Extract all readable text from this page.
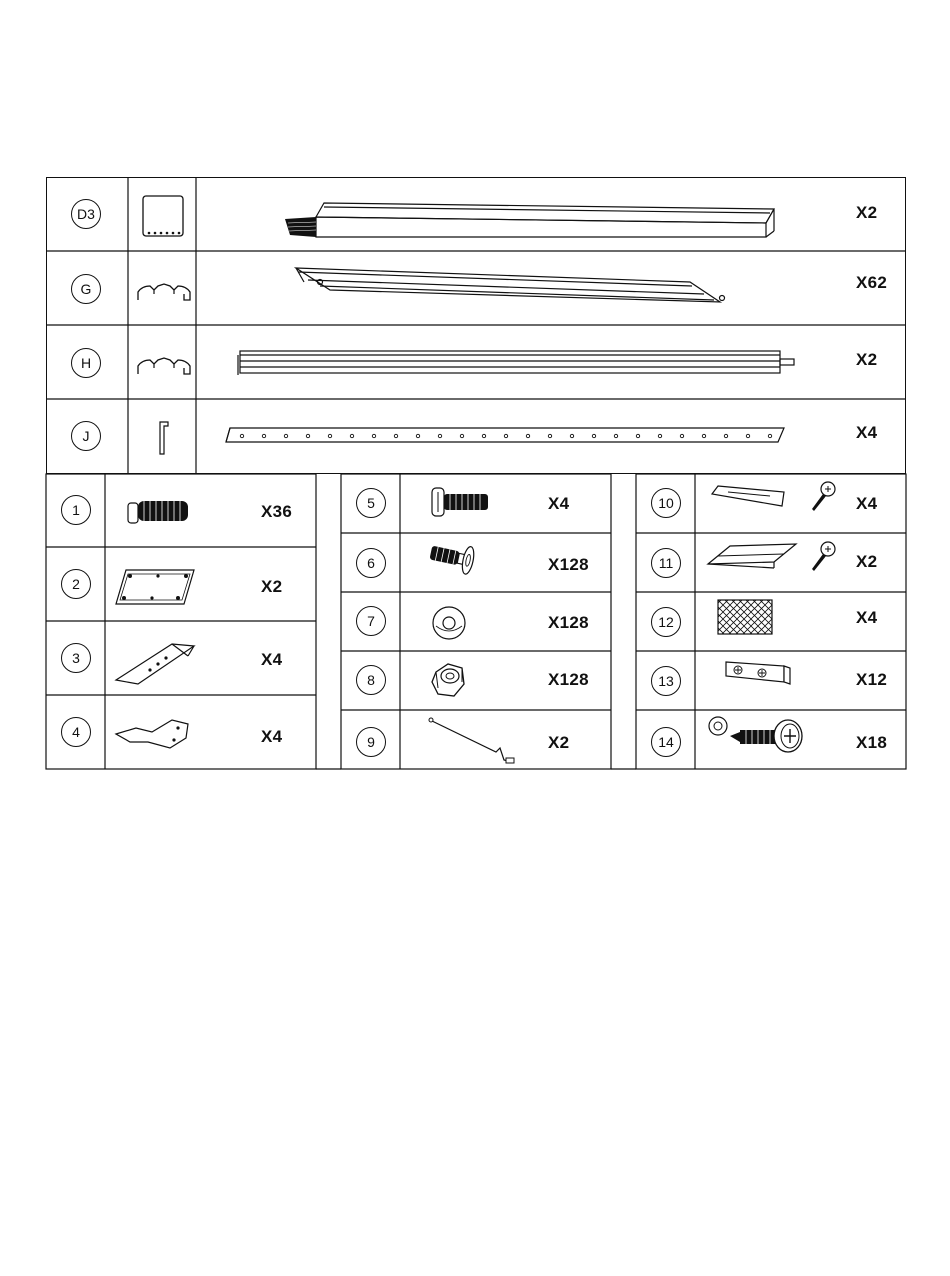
D3	X2
G	X62
H	X2
J	X4
1	X36
2	X2
3	X4
4	X4
5	X4
6	X128
7	X128
8	X128
9	X2
10	X4
11	X2
12	X4
13	X12
14	X18
